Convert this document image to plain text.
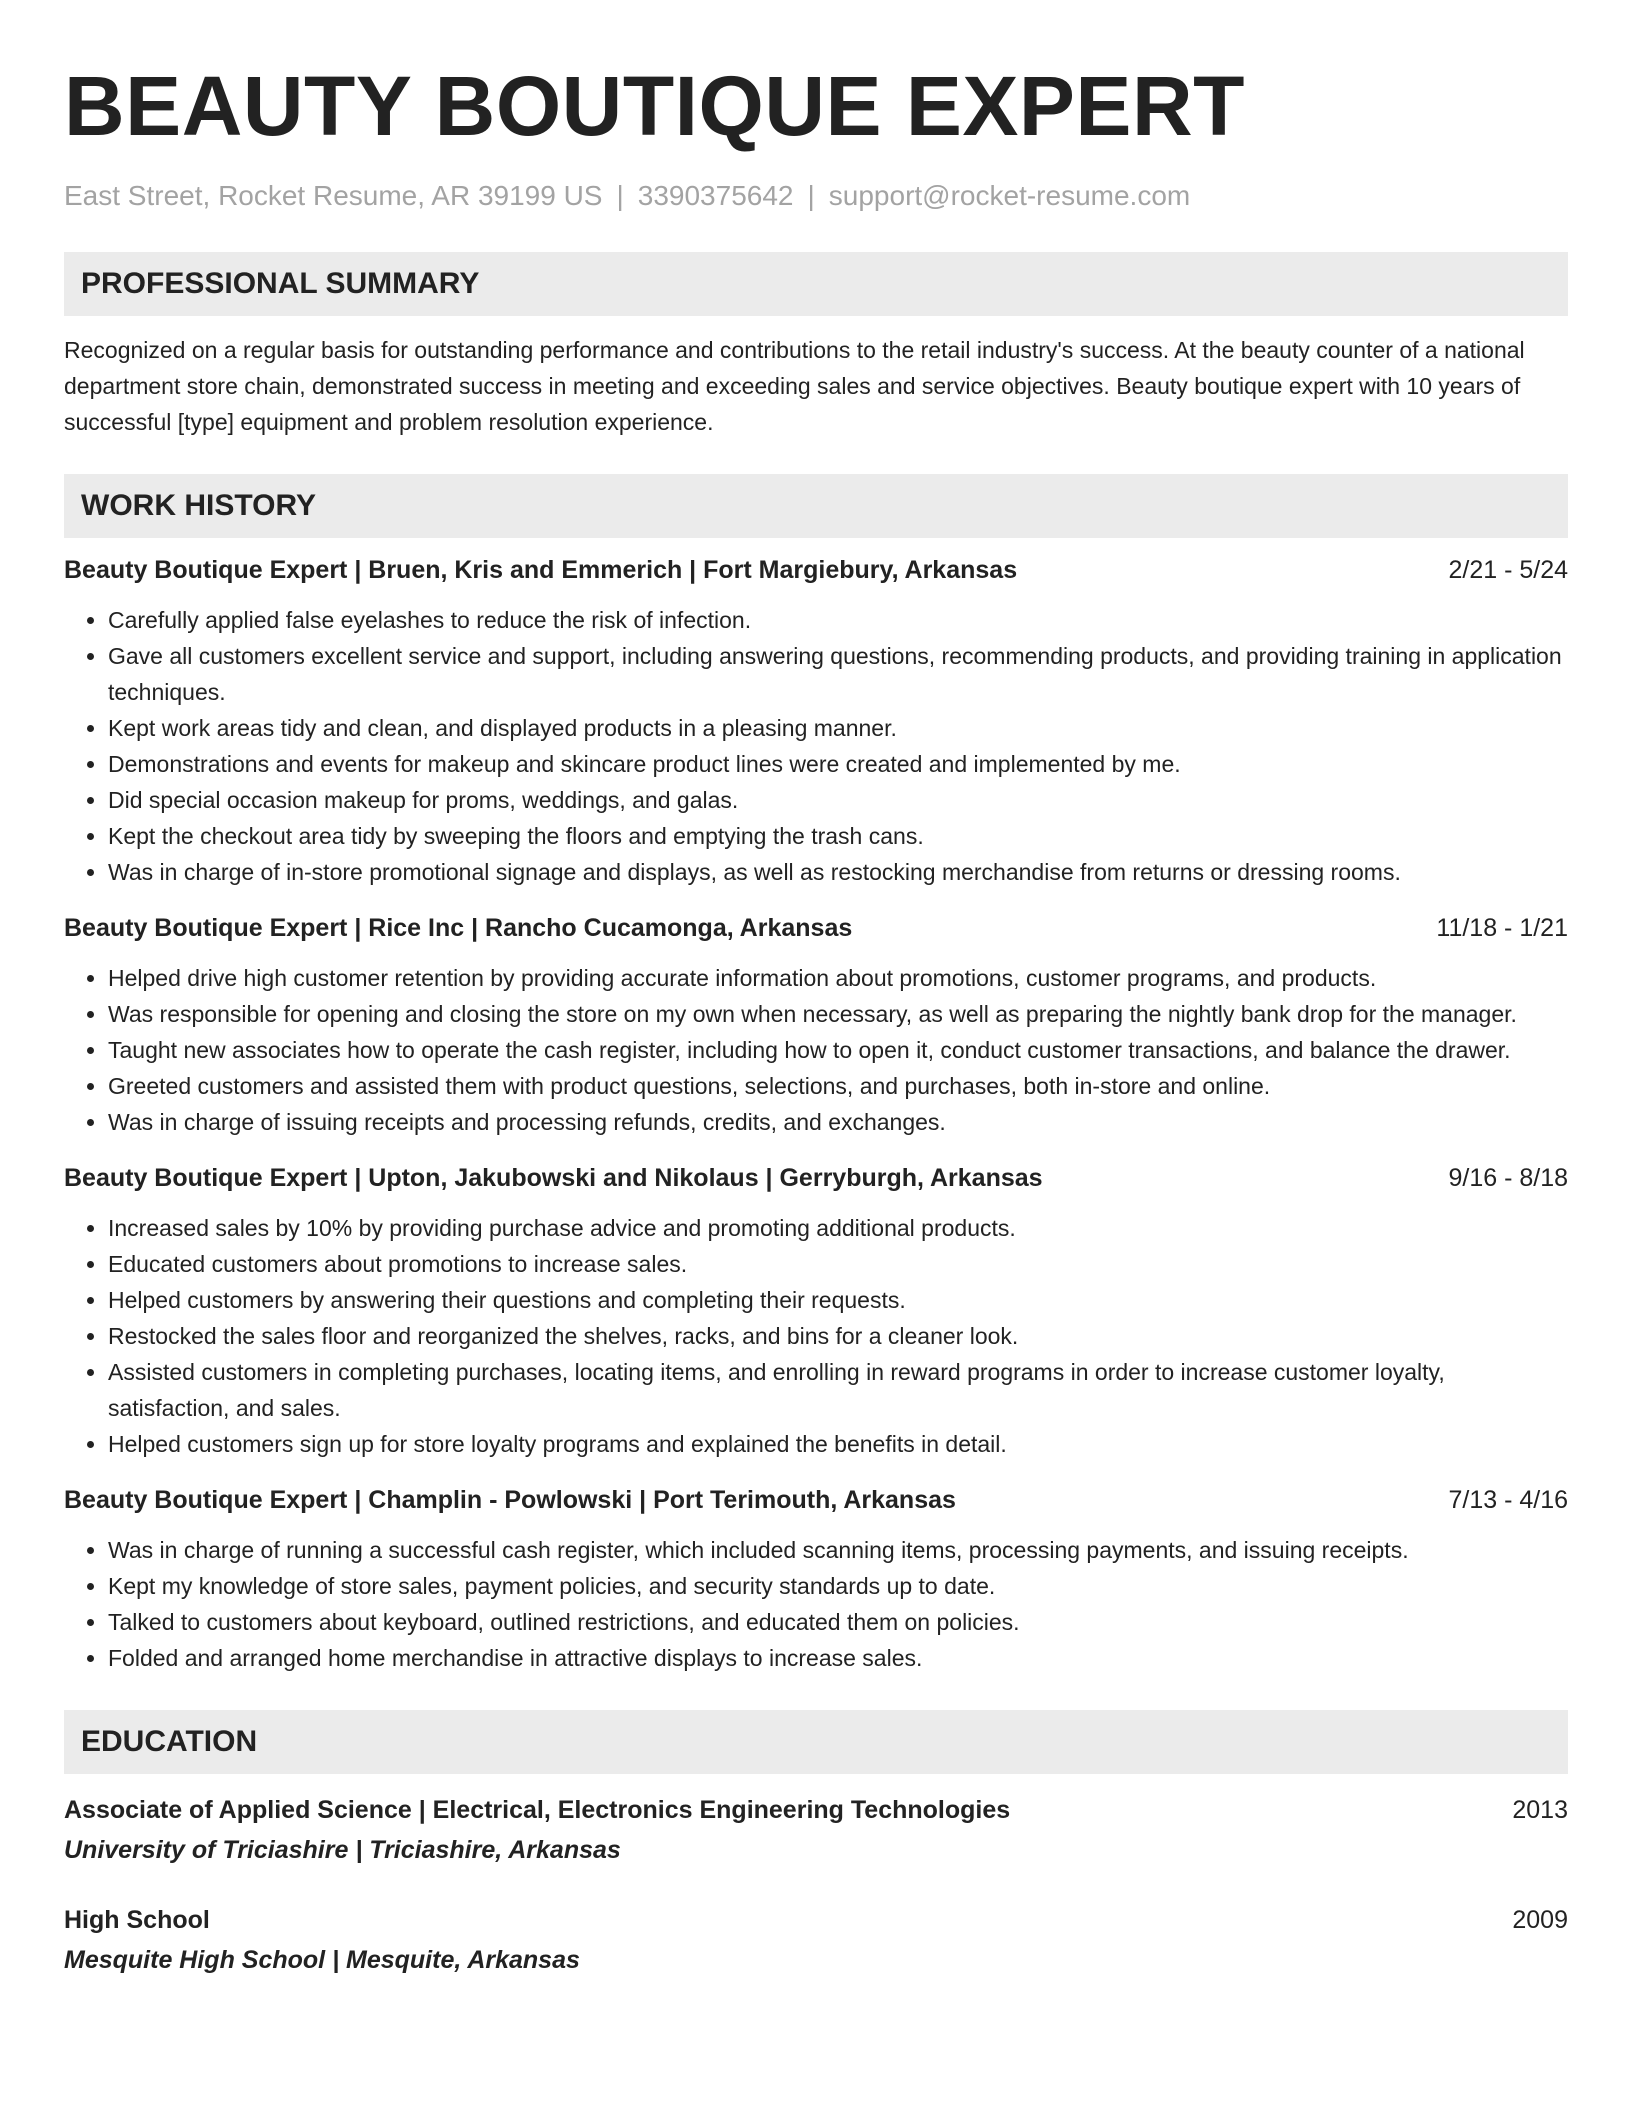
BEAUTY BOUTIQUE EXPERT
East Street, Rocket Resume, AR 39199 US | 3390375642 | support@rocket-resume.com
PROFESSIONAL SUMMARY

Recognized on a regular basis for outstanding performance and contributions to the retail industry's success. At the beauty counter of a national department store chain, demonstrated success in meeting and exceeding sales and service objectives. Beauty boutique expert with 10 years of successful [type] equipment and problem resolution experience.

WORK HISTORY
Beauty Boutique Expert | Bruen, Kris and Emmerich | Fort Margiebury, Arkansas	2/21 - 5/24
• Carefully applied false eyelashes to reduce the risk of infection.
• Gave all customers excellent service and support, including answering questions, recommending products, and providing training in application techniques.
• Kept work areas tidy and clean, and displayed products in a pleasing manner.
• Demonstrations and events for makeup and skincare product lines were created and implemented by me.
• Did special occasion makeup for proms, weddings, and galas.
• Kept the checkout area tidy by sweeping the floors and emptying the trash cans.
• Was in charge of in-store promotional signage and displays, as well as restocking merchandise from returns or dressing rooms.
Beauty Boutique Expert | Rice Inc | Rancho Cucamonga, Arkansas	11/18 - 1/21
• Helped drive high customer retention by providing accurate information about promotions, customer programs, and products.
• Was responsible for opening and closing the store on my own when necessary, as well as preparing the nightly bank drop for the manager.
• Taught new associates how to operate the cash register, including how to open it, conduct customer transactions, and balance the drawer.
• Greeted customers and assisted them with product questions, selections, and purchases, both in-store and online.
• Was in charge of issuing receipts and processing refunds, credits, and exchanges.
Beauty Boutique Expert | Upton, Jakubowski and Nikolaus | Gerryburgh, Arkansas	9/16 - 8/18
• Increased sales by 10% by providing purchase advice and promoting additional products.
• Educated customers about promotions to increase sales.
• Helped customers by answering their questions and completing their requests.
• Restocked the sales floor and reorganized the shelves, racks, and bins for a cleaner look.
• Assisted customers in completing purchases, locating items, and enrolling in reward programs in order to increase customer loyalty, satisfaction, and sales.
• Helped customers sign up for store loyalty programs and explained the benefits in detail.
Beauty Boutique Expert | Champlin - Powlowski | Port Terimouth, Arkansas	7/13 - 4/16
• Was in charge of running a successful cash register, which included scanning items, processing payments, and issuing receipts.
• Kept my knowledge of store sales, payment policies, and security standards up to date.
• Talked to customers about keyboard, outlined restrictions, and educated them on policies.
• Folded and arranged home merchandise in attractive displays to increase sales.
EDUCATION
Associate of Applied Science | Electrical, Electronics Engineering Technologies	2013
University of Triciashire | Triciashire, Arkansas
High School	2009
Mesquite High School | Mesquite, Arkansas
